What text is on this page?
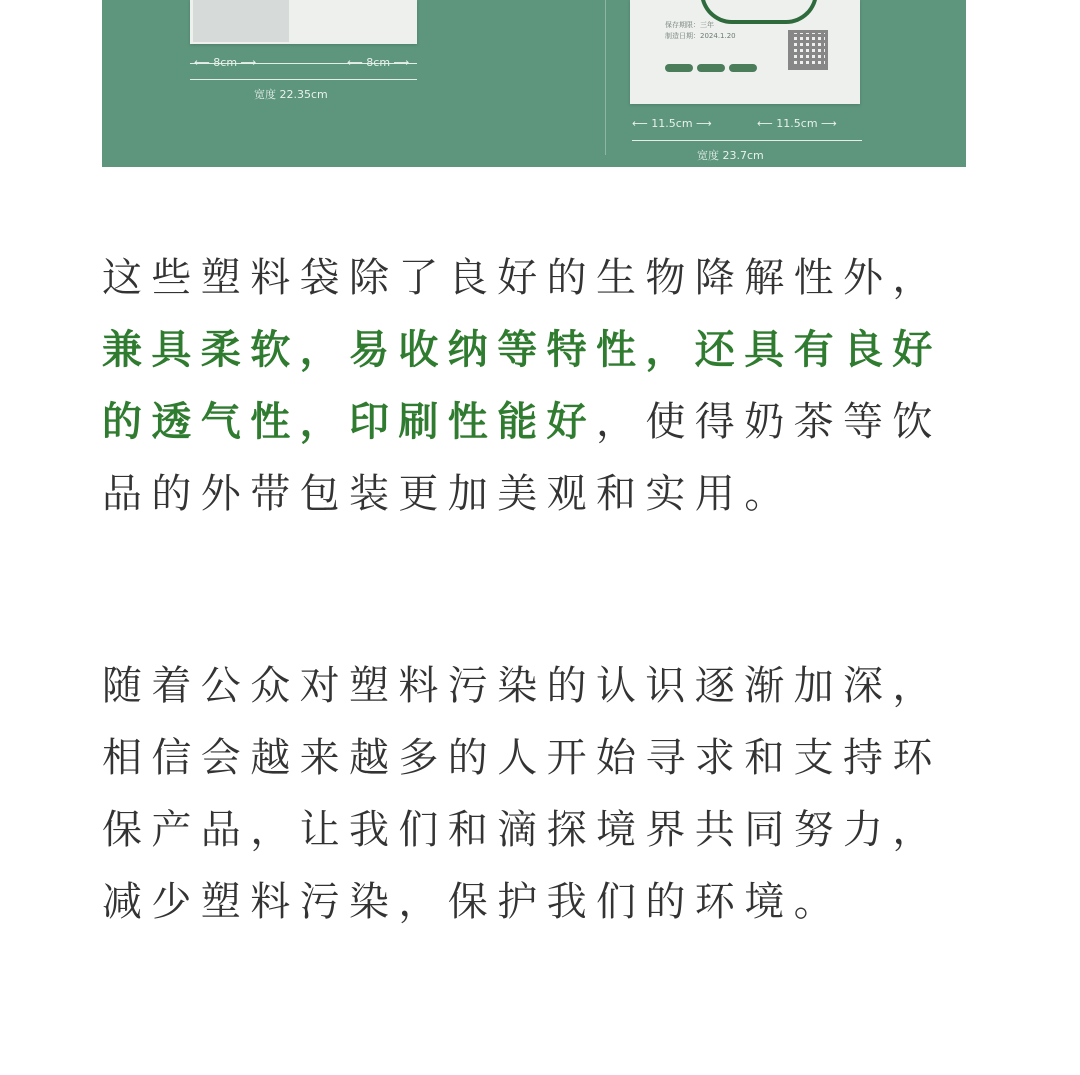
⟵ 8cm ⟶	⟵ 8cm ⟶
宽度 22.35cm
保存期限：三年
制造日期：2024.1.20
⟵ 11.5cm ⟶	⟵ 11.5cm ⟶
宽度 23.7cm

这些塑料袋除了良好的生物降解性外，
兼具柔软，易收纳等特性，还具有良好
的透气性，印刷性能好，使得奶茶等饮
品的外带包装更加美观和实用。

随着公众对塑料污染的认识逐渐加深，
相信会越来越多的人开始寻求和支持环
保产品，让我们和滴探境界共同努力，
减少塑料污染，保护我们的环境。
